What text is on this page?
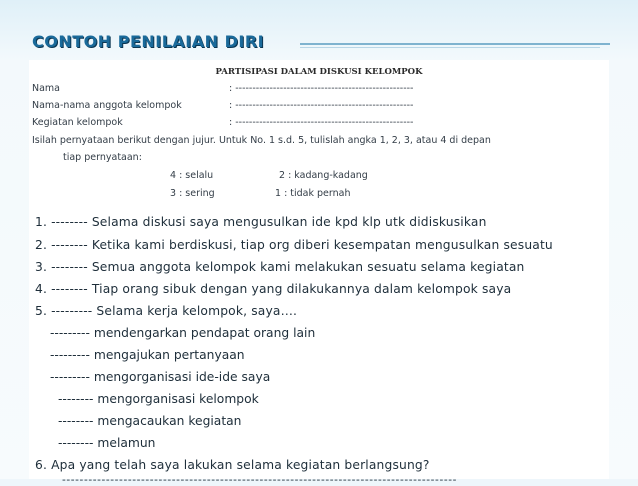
CONTOH PENILAIAN DIRI
PARTISIPASI DALAM DISKUSI KELOMPOK
Nama	: ----------------------------------------------------
Nama-nama anggota kelompok	: ----------------------------------------------------
Kegiatan kelompok	: ----------------------------------------------------
Isilah pernyataan berikut dengan jujur. Untuk No. 1 s.d. 5, tulislah angka 1, 2, 3, atau 4 di depan
tiap pernyataan:
4 : selalu	2 : kadang-kadang
3 : sering	1 : tidak pernah
1. -------- Selama diskusi saya mengusulkan ide kpd klp utk didiskusikan
2. -------- Ketika kami berdiskusi, tiap org diberi kesempatan mengusulkan sesuatu
3. -------- Semua anggota kelompok kami melakukan sesuatu selama kegiatan
4. -------- Tiap orang sibuk dengan yang dilakukannya dalam kelompok saya
5. --------- Selama kerja kelompok, saya….
--------- mendengarkan pendapat orang lain
--------- mengajukan pertanyaan
--------- mengorganisasi ide-ide saya
-------- mengorganisasi kelompok
-------- mengacaukan kegiatan
-------- melamun
6. Apa yang telah saya lakukan selama kegiatan berlangsung?
------------------------------------------------------------------------------------------
